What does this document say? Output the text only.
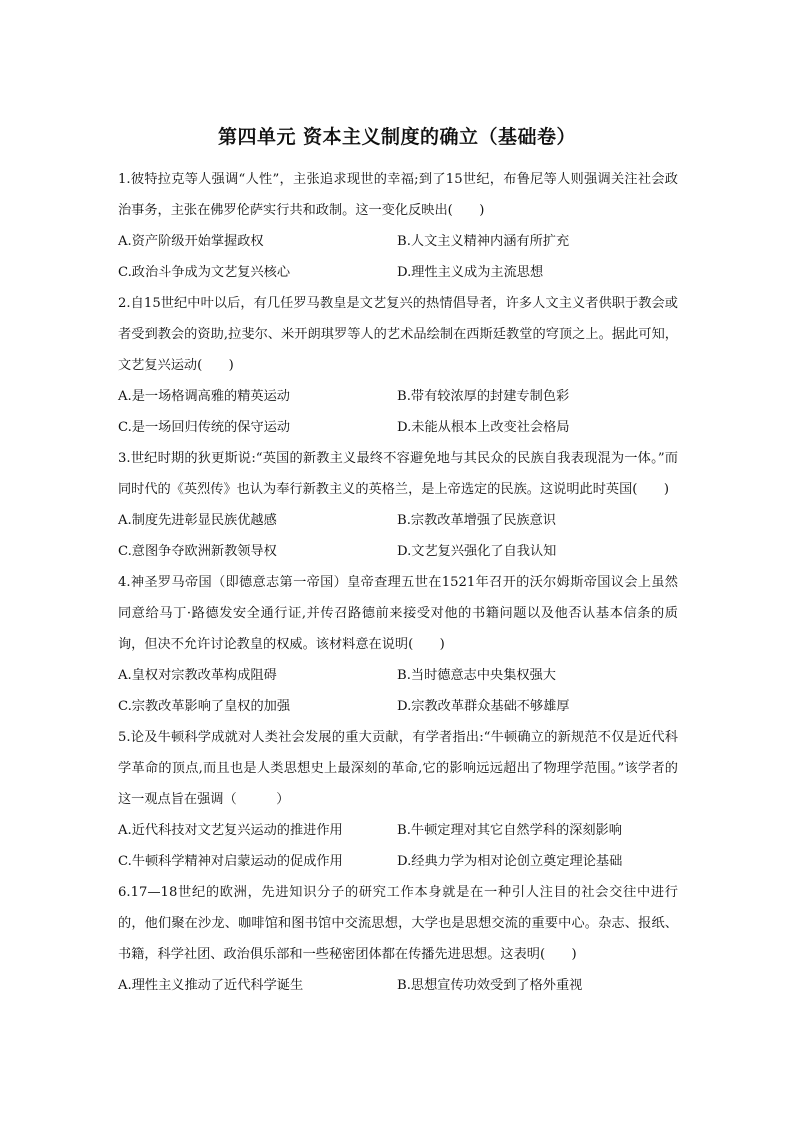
第四单元 资本主义制度的确立（基础卷）

1.彼特拉克等人强调“人性”，主张追求现世的幸福;到了15世纪，布鲁尼等人则强调关注社会政治事务，主张在佛罗伦萨实行共和政制。这一变化反映出(　　)

A.资产阶级开始掌握政权	B.人文主义精神内涵有所扩充
C.政治斗争成为文艺复兴核心	D.理性主义成为主流思想

2.自15世纪中叶以后，有几任罗马教皇是文艺复兴的热情倡导者，许多人文主义者供职于教会或者受到教会的资助,拉斐尔、米开朗琪罗等人的艺术品绘制在西斯廷教堂的穹顶之上。据此可知，文艺复兴运动(　　)

A.是一场格调高雅的精英运动	B.带有较浓厚的封建专制色彩
C.是一场回归传统的保守运动	D.未能从根本上改变社会格局

3.世纪时期的狄更斯说:“英国的新教主义最终不容避免地与其民众的民族自我表现混为一体。”而同时代的《英烈传》也认为奉行新教主义的英格兰，是上帝选定的民族。这说明此时英国(　　)

A.制度先进彰显民族优越感	B.宗教改革增强了民族意识
C.意图争夺欧洲新教领导权	D.文艺复兴强化了自我认知

4.神圣罗马帝国（即德意志第一帝国）皇帝查理五世在1521年召开的沃尔姆斯帝国议会上虽然同意给马丁·路德发安全通行证,并传召路德前来接受对他的书籍问题以及他否认基本信条的质询，但决不允许讨论教皇的权威。该材料意在说明(　　)

A.皇权对宗教改革构成阻碍	B.当时德意志中央集权强大
C.宗教改革影响了皇权的加强	D.宗教改革群众基础不够雄厚

5.论及牛顿科学成就对人类社会发展的重大贡献，有学者指出:“牛顿确立的新规范不仅是近代科学革命的顶点,而且也是人类思想史上最深刻的革命,它的影响远远超出了物理学范围。”该学者的这一观点旨在强调（　　　）

A.近代科技对文艺复兴运动的推进作用	B.牛顿定理对其它自然学科的深刻影响
C.牛顿科学精神对启蒙运动的促成作用	D.经典力学为相对论创立奠定理论基础

6.17—18世纪的欧洲，先进知识分子的研究工作本身就是在一种引人注目的社会交往中进行的，他们聚在沙龙、咖啡馆和图书馆中交流思想，大学也是思想交流的重要中心。杂志、报纸、书籍，科学社团、政治俱乐部和一些秘密团体都在传播先进思想。这表明(　　)

A.理性主义推动了近代科学诞生	B.思想宣传功效受到了格外重视
